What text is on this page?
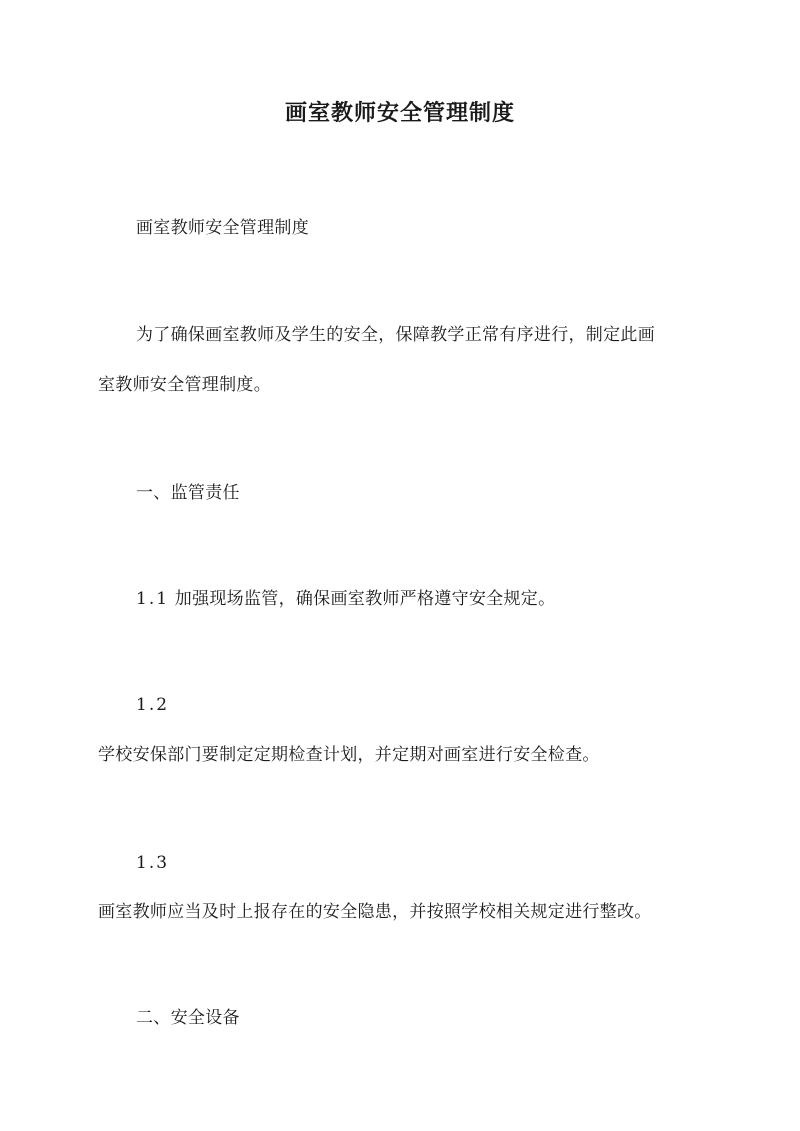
画室教师安全管理制度
画室教师安全管理制度
为了确保画室教师及学生的安全，保障教学正常有序进行，制定此画
室教师安全管理制度。
一、监管责任
1.1 加强现场监管，确保画室教师严格遵守安全规定。
1.2
学校安保部门要制定定期检查计划，并定期对画室进行安全检查。
1.3
画室教师应当及时上报存在的安全隐患，并按照学校相关规定进行整改。
二、安全设备
